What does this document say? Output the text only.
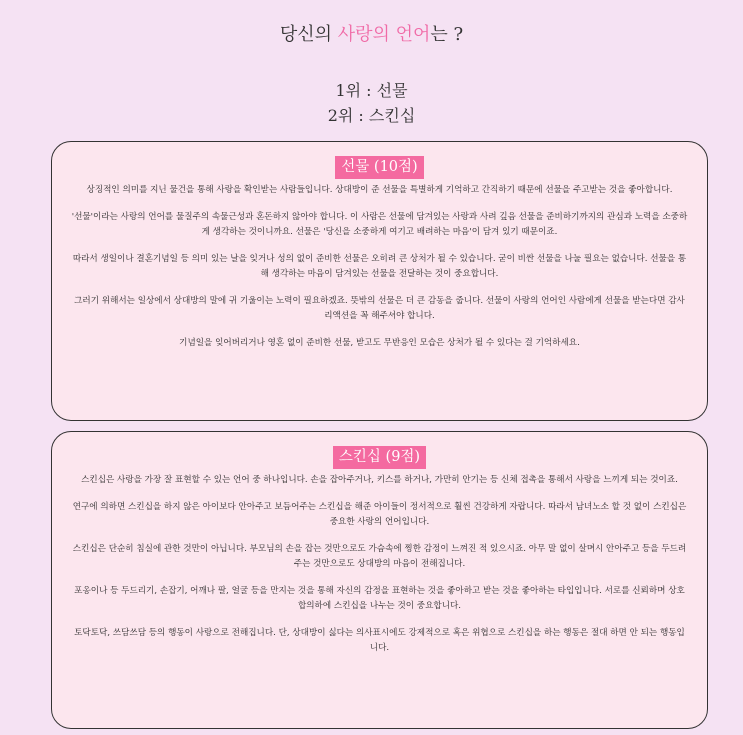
당신의 사랑의 언어는 ?
1위 : 선물
2위 : 스킨십
선물 (10점)

상징적인 의미를 지닌 물건을 통해 사랑을 확인받는 사람들입니다. 상대방이 준 선물을 특별하게 기억하고 간직하기 때문에 선물을 주고받는 것을 좋아합니다.

'선물'이라는 사랑의 언어를 물질주의 속물근성과 혼돈하지 않아야 합니다. 이 사람은 선물에 담겨있는 사랑과 사려 깊음 선물을 준비하기까지의 관심과 노력을 소중하게 생각하는 것이니까요. 선물은 '당신을 소중하게 여기고 배려하는 마음'이 담겨 있기 때문이죠.

따라서 생일이나 결혼기념일 등 의미 있는 날을 잊거나 성의 없이 준비한 선물은 오히려 큰 상처가 될 수 있습니다. 굳이 비싼 선물을 나눌 필요는 없습니다. 선물을 통해 생각하는 마음이 담겨있는 선물을 전달하는 것이 중요합니다.

그러기 위해서는 일상에서 상대방의 말에 귀 기울이는 노력이 필요하겠죠. 뜻밖의 선물은 더 큰 감동을 줍니다. 선물이 사랑의 언어인 사람에게 선물을 받는다면 감사 리액션을 꼭 해주셔야 합니다.

기념일을 잊어버리거나 영혼 없이 준비한 선물, 받고도 무반응인 모습은 상처가 될 수 있다는 걸 기억하세요.

스킨십 (9점)

스킨십은 사랑을 가장 잘 표현할 수 있는 언어 중 하나입니다. 손을 잡아주거나, 키스를 하거나, 가만히 안기는 등 신체 접촉을 통해서 사랑을 느끼게 되는 것이죠.

연구에 의하면 스킨십을 하지 않은 아이보다 안아주고 보듬어주는 스킨십을 해준 아이들이 정서적으로 훨씬 건강하게 자랍니다. 따라서 남녀노소 할 것 없이 스킨십은 중요한 사랑의 언어입니다.

스킨십은 단순히 침실에 관한 것만이 아닙니다. 부모님의 손을 잡는 것만으로도 가슴속에 찡한 감정이 느껴진 적 있으시죠. 아무 말 없이 살며시 안아주고 등을 두드려주는 것만으로도 상대방의 마음이 전해집니다.

포옹이나 등 두드리기, 손잡기, 어깨나 팔, 얼굴 등을 만지는 것을 통해 자신의 감정을 표현하는 것을 좋아하고 받는 것을 좋아하는 타입입니다. 서로를 신뢰하며 상호 합의하에 스킨십을 나누는 것이 중요합니다.

토닥토닥, 쓰담쓰담 등의 행동이 사랑으로 전해집니다. 단, 상대방이 싫다는 의사표시에도 강제적으로 혹은 위협으로 스킨십을 하는 행동은 절대 하면 안 되는 행동입니다.
